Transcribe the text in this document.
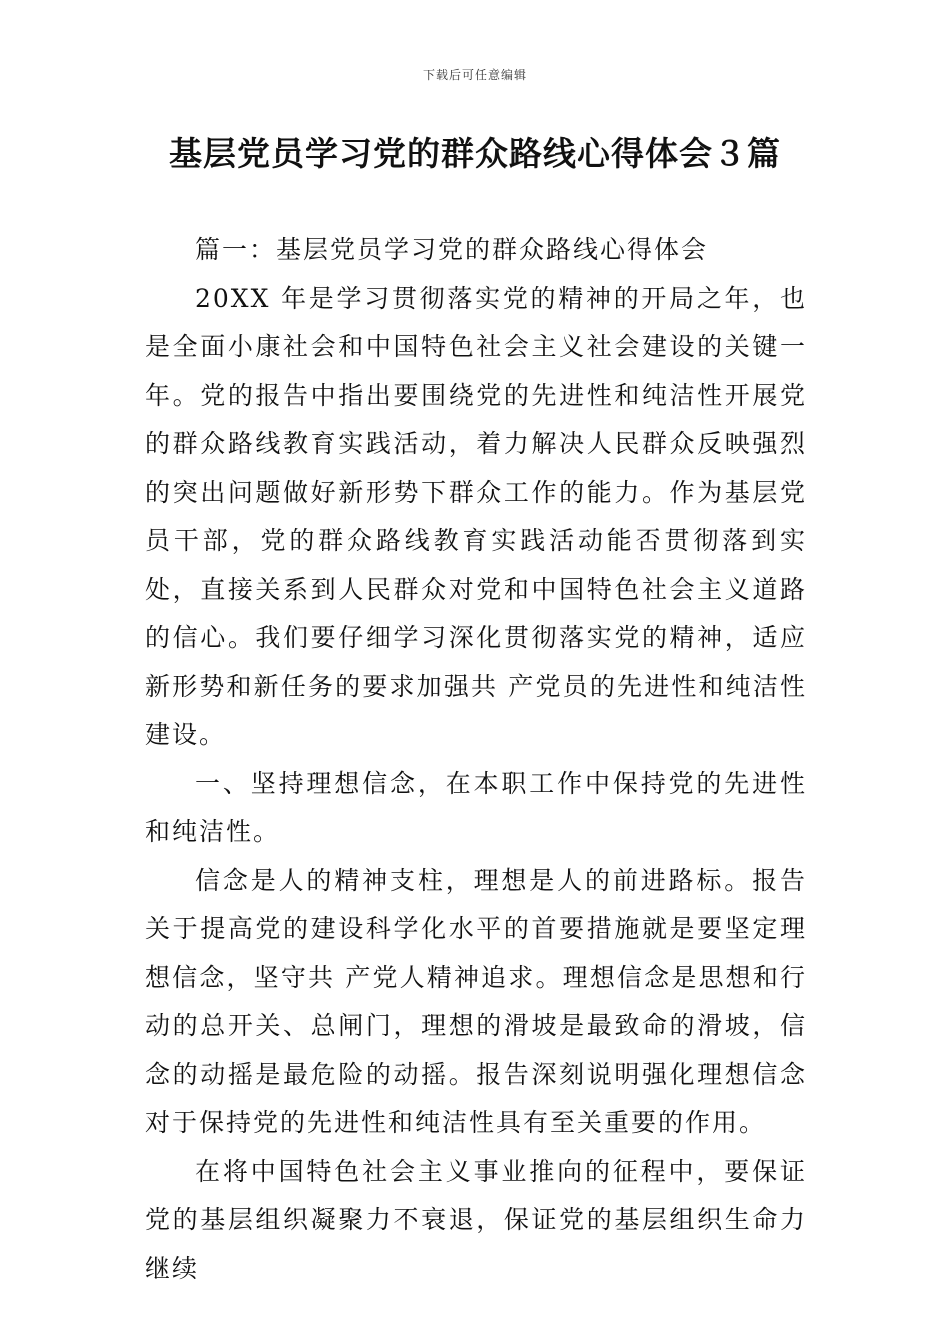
下载后可任意编辑
基层党员学习党的群众路线心得体会３篇

篇一：基层党员学习党的群众路线心得体会

20XX 年是学习贯彻落实党的精神的开局之年，也是全面小康社会和中国特色社会主义社会建设的关键一年。党的报告中指出要围绕党的先进性和纯洁性开展党的群众路线教育实践活动，着力解决人民群众反映强烈的突出问题做好新形势下群众工作的能力。作为基层党员干部，党的群众路线教育实践活动能否贯彻落到实处，直接关系到人民群众对党和中国特色社会主义道路的信心。我们要仔细学习深化贯彻落实党的精神，适应新形势和新任务的要求加强共 产党员的先进性和纯洁性建设。

一、坚持理想信念，在本职工作中保持党的先进性和纯洁性。

信念是人的精神支柱，理想是人的前进路标。报告关于提高党的建设科学化水平的首要措施就是要坚定理想信念，坚守共 产党人精神追求。理想信念是思想和行动的总开关、总闸门，理想的滑坡是最致命的滑坡，信念的动摇是最危险的动摇。报告深刻说明强化理想信念对于保持党的先进性和纯洁性具有至关重要的作用。

在将中国特色社会主义事业推向的征程中，要保证党的基层组织凝聚力不衰退，保证党的基层组织生命力继续
